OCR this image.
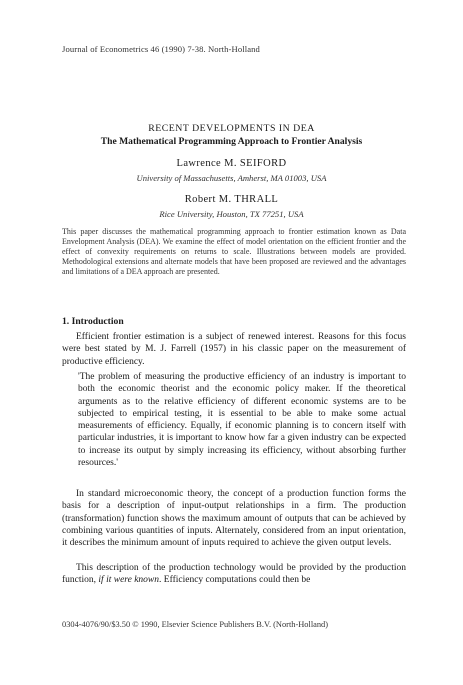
Journal of Econometrics 46 (1990) 7-38. North-Holland

RECENT DEVELOPMENTS IN DEA

The Mathematical Programming Approach to Frontier Analysis

Lawrence M. SEIFORD

University of Massachusetts, Amherst, MA 01003, USA

Robert M. THRALL

Rice University, Houston, TX 77251, USA

This paper discusses the mathematical programming approach to frontier estimation known as Data Envelopment Analysis (DEA). We examine the effect of model orientation on the efficient frontier and the effect of convexity requirements on returns to scale. Illustrations between models are provided. Methodological extensions and alternate models that have been proposed are reviewed and the advantages and limitations of a DEA approach are presented.

1. Introduction

Efficient frontier estimation is a subject of renewed interest. Reasons for this focus were best stated by M. J. Farrell (1957) in his classic paper on the measurement of productive efficiency.

'The problem of measuring the productive efficiency of an industry is important to both the economic theorist and the economic policy maker. If the theoretical arguments as to the relative efficiency of different economic systems are to be subjected to empirical testing, it is essential to be able to make some actual measurements of efficiency. Equally, if economic planning is to concern itself with particular industries, it is important to know how far a given industry can be expected to increase its output by simply increasing its efficiency, without absorbing further resources.'

In standard microeconomic theory, the concept of a production function forms the basis for a description of input-output relationships in a firm. The production (transformation) function shows the maximum amount of outputs that can be achieved by combining various quantities of inputs. Alternately, considered from an input orientation, it describes the minimum amount of inputs required to achieve the given output levels.

This description of the production technology would be provided by the production function, if it were known. Efficiency computations could then be

0304-4076/90/$3.50 © 1990, Elsevier Science Publishers B.V. (North-Holland)
